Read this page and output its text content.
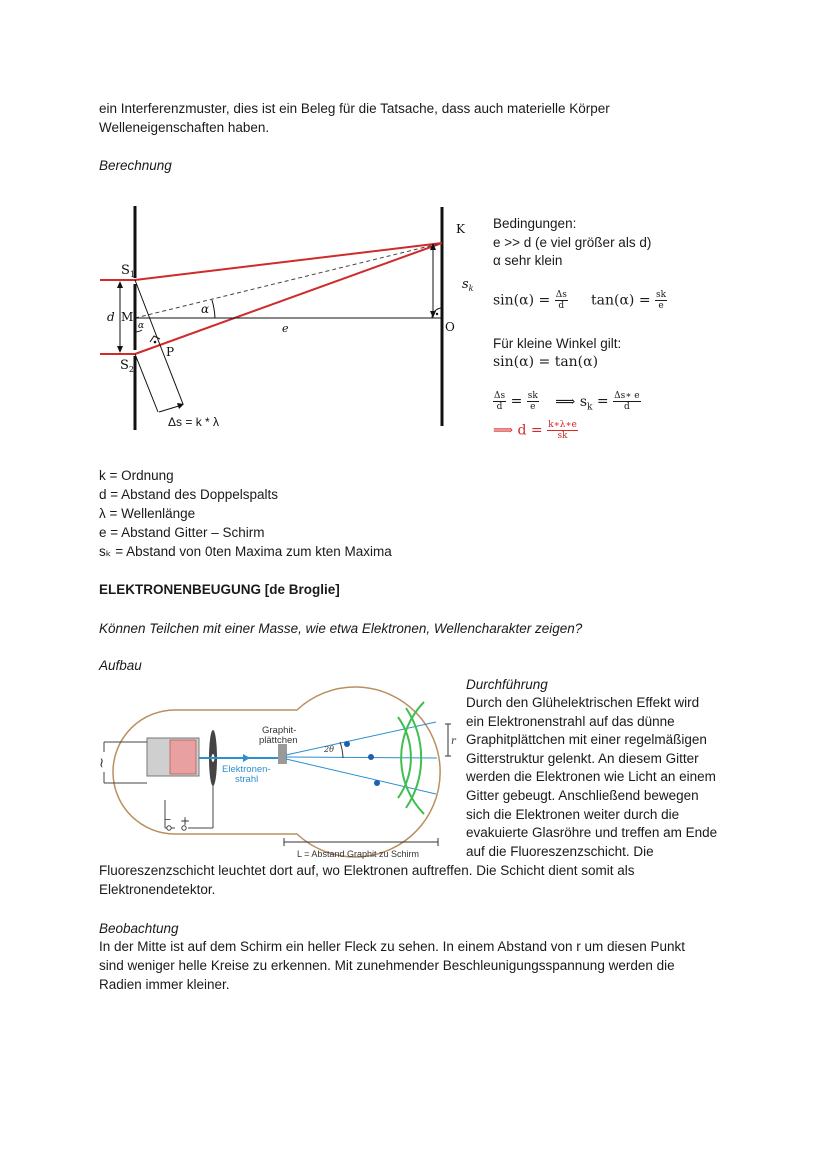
ein Interferenzmuster, dies ist ein Beleg für die Tatsache, dass auch materielle Körper
Welleneigenschaften haben.
Berechnung
$S_1$
$S_2$
d M
α
P
α
e
K
O
$s_k$
Δs = k * λ
Bedingungen:
e >> d (e viel größer als d)
α sehr klein
$\sin(\alpha) = \frac{\Delta s}{d} \tan(\alpha) = \frac{sk}{e}$
Für kleine Winkel gilt:
sin(α) = tan(α)
$\frac{\Delta s}{d} = \frac{sk}{e}$ ⟹ $s_k = \frac{\Delta s∗ e}{d}$
⟹ $d = \frac{k∗\lambda∗e}{sk}$
k = Ordnung
d = Abstand des Doppelspalts
λ = Wellenlänge
e = Abstand Gitter – Schirm
sₖ = Abstand von 0ten Maxima zum kten Maxima
ELEKTRONENBEUGUNG [de Broglie]
Können Teilchen mit einer Masse, wie etwa Elektronen, Wellencharakter zeigen?
Aufbau
~
– +
r
Graphit-
plättchen
Elektronen-
strahl
2θ
L = Abstand Graphit zu Schirm
Durchführung
Durch den Glühelektrischen Effekt wird
ein Elektronenstrahl auf das dünne
Graphitplättchen mit einer regelmäßigen
Gitterstruktur gelenkt. An diesem Gitter
werden die Elektronen wie Licht an einem
Gitter gebeugt. Anschließend bewegen
sich die Elektronen weiter durch die
evakuierte Glasröhre und treffen am Ende
auf die Fluoreszenzschicht. Die
Fluoreszenzschicht leuchtet dort auf, wo Elektronen auftreffen. Die Schicht dient somit als
Elektronendetektor.
Beobachtung
In der Mitte ist auf dem Schirm ein heller Fleck zu sehen. In einem Abstand von r um diesen Punkt
sind weniger helle Kreise zu erkennen. Mit zunehmender Beschleunigungsspannung werden die
Radien immer kleiner.
